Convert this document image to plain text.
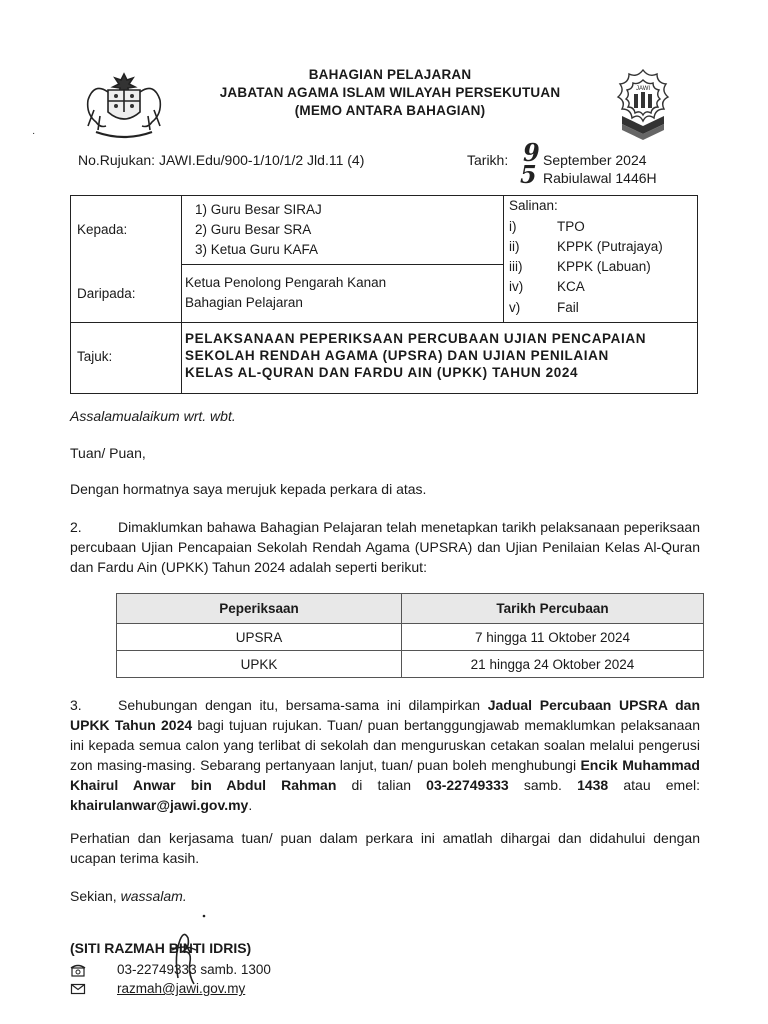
JAWI
BAHAGIAN PELAJARAN
JABATAN AGAMA ISLAM WILAYAH PERSEKUTUAN
(MEMO ANTARA BAHAGIAN)
·
No.Rujukan: JAWI.Edu/900-1/10/1/2 Jld.11 (4)	Tarikh: 9 September 2024
5 Rabiulawal 1446H
Kepada:
1) Guru Besar SIRAJ
2) Guru Besar SRA
3) Ketua Guru KAFA
Daripada:
Ketua Penolong Pengarah Kanan
Bahagian Pelajaran
Salinan:
i)	TPO
ii)	KPPK (Putrajaya)
iii)	KPPK (Labuan)
iv)	KCA
v)	Fail
Tajuk:
PELAKSANAAN PEPERIKSAAN PERCUBAAN UJIAN PENCAPAIAN
SEKOLAH RENDAH AGAMA (UPSRA) DAN UJIAN PENILAIAN
KELAS AL-QURAN DAN FARDU AIN (UPKK) TAHUN 2024
Assalamualaikum wrt. wbt.
Tuan/ Puan,
Dengan hormatnya saya merujuk kepada perkara di atas.
2.	Dimaklumkan bahawa Bahagian Pelajaran telah menetapkan tarikh pelaksanaan peperiksaan percubaan Ujian Pencapaian Sekolah Rendah Agama (UPSRA) dan Ujian Penilaian Kelas Al-Quran dan Fardu Ain (UPKK) Tahun 2024 adalah seperti berikut:
Peperiksaan	Tarikh Percubaan
UPSRA	7 hingga 11 Oktober 2024
UPKK	21 hingga 24 Oktober 2024
3.	Sehubungan dengan itu, bersama-sama ini dilampirkan Jadual Percubaan UPSRA dan UPKK Tahun 2024 bagi tujuan rujukan. Tuan/ puan bertanggungjawab memaklumkan pelaksanaan ini kepada semua calon yang terlibat di sekolah dan menguruskan cetakan soalan melalui pengerusi zon masing-masing. Sebarang pertanyaan lanjut, tuan/ puan boleh menghubungi Encik Muhammad Khairul Anwar bin Abdul Rahman di talian 03-22749333 samb. 1438 atau emel: khairulanwar@jawi.gov.my.
Perhatian dan kerjasama tuan/ puan dalam perkara ini amatlah dihargai dan didahului dengan ucapan terima kasih.
Sekian, wassalam.
(SITI RAZMAH BINTI IDRIS)
03-22749333 samb. 1300
razmah@jawi.gov.my
